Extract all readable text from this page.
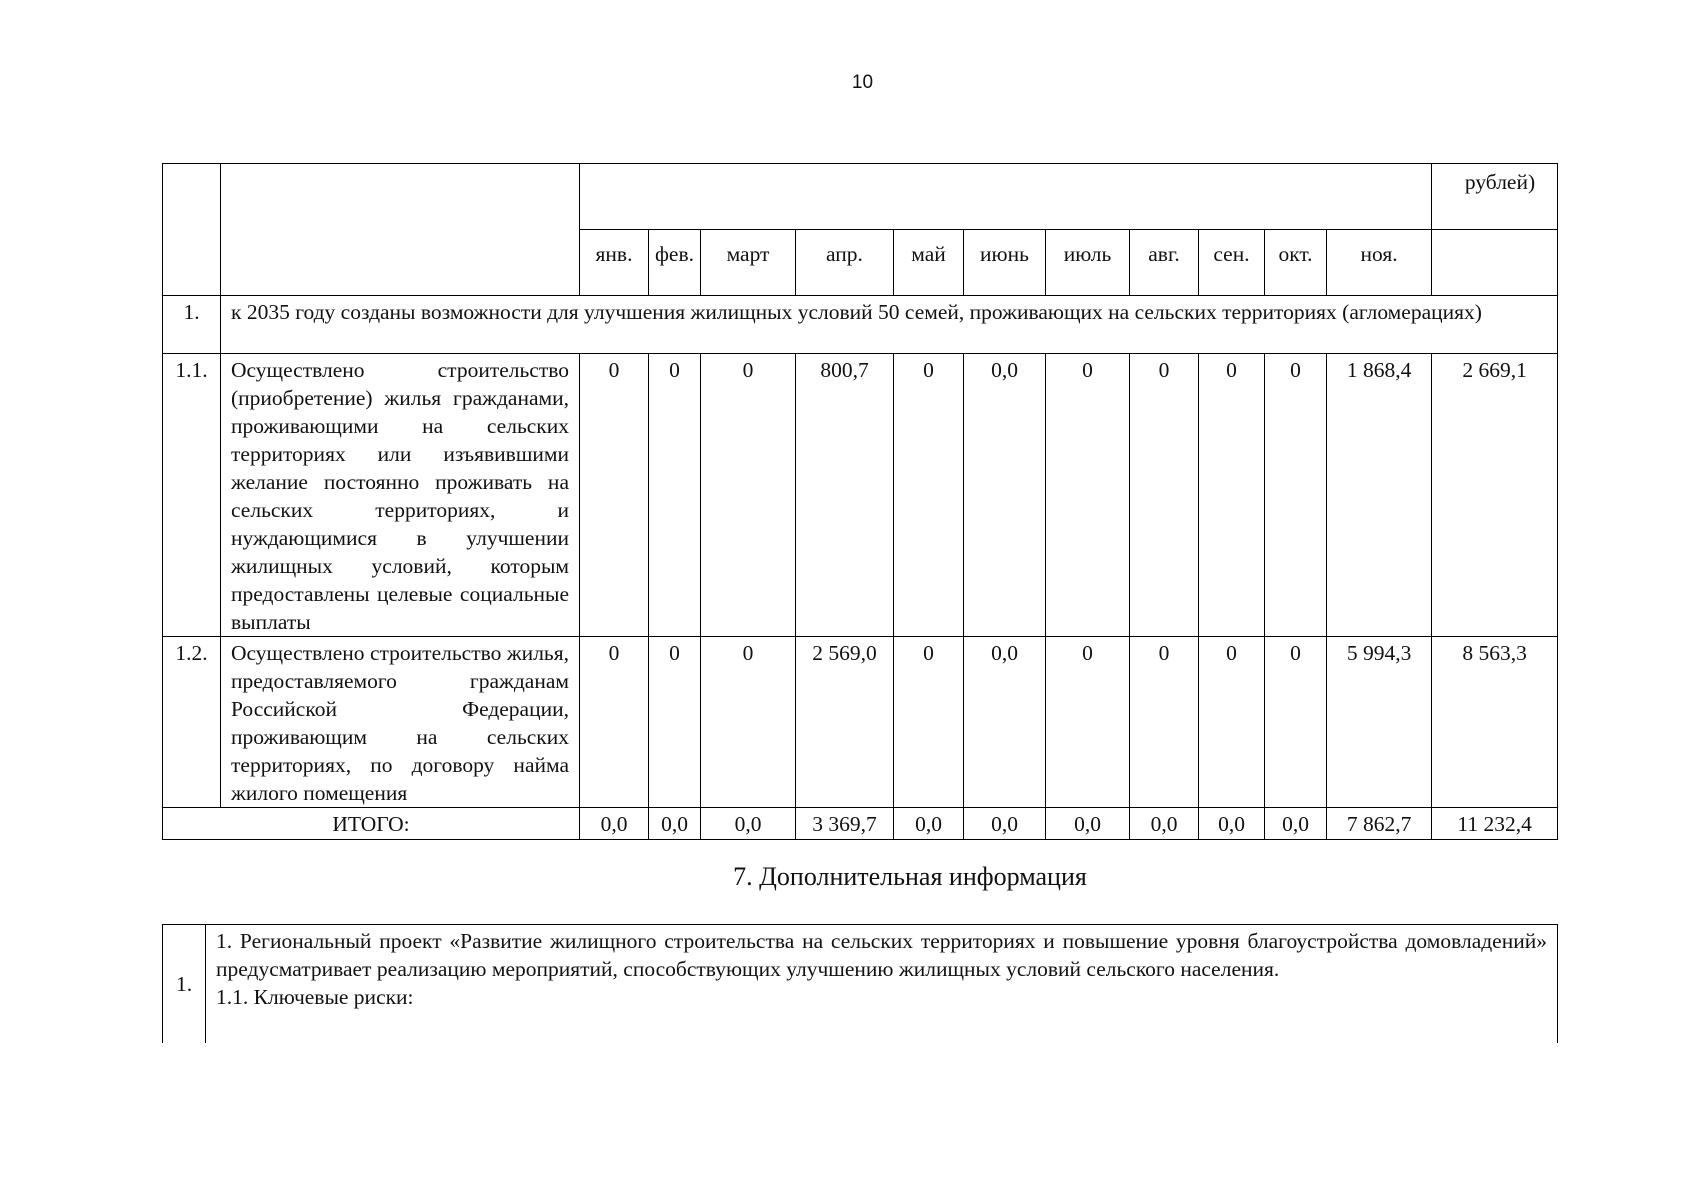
10
													рублей)
		янв.	фев.	март	апр.	май	июнь	июль	авг.	сен.	окт.	ноя.	
1.	к 2035 году созданы возможности для улучшения жилищных условий 50 семей, проживающих на сельских территориях (агломерациях)												
1.1.	Осуществлено строительство (приобретение) жилья гражданами, проживающими на сельских территориях или изъявившими желание постоянно проживать на сельских территориях, и нуждающимися в улучшении жилищных условий, которым предоставлены целевые социальные выплаты	0	0	0	800,7	0	0,0	0	0	0	0	1 868,4	2 669,1
1.2.	Осуществлено строительство жилья, предоставляемого гражданам Российской Федерации, проживающим на сельских территориях, по договору найма жилого помещения	0	0	0	2 569,0	0	0,0	0	0	0	0	5 994,3	8 563,3
ИТОГО:		0,0	0,0	0,0	3 369,7	0,0	0,0	0,0	0,0	0,0	0,0	7 862,7	11 232,4
7. Дополнительная информация
1.	

1. Региональный проект «Развитие жилищного строительства на сельских территориях и повышение уровня благоустройства домовладений» предусматривает реализацию мероприятий, способствующих улучшению жилищных условий сельского населения.

1.1. Ключевые риски:
